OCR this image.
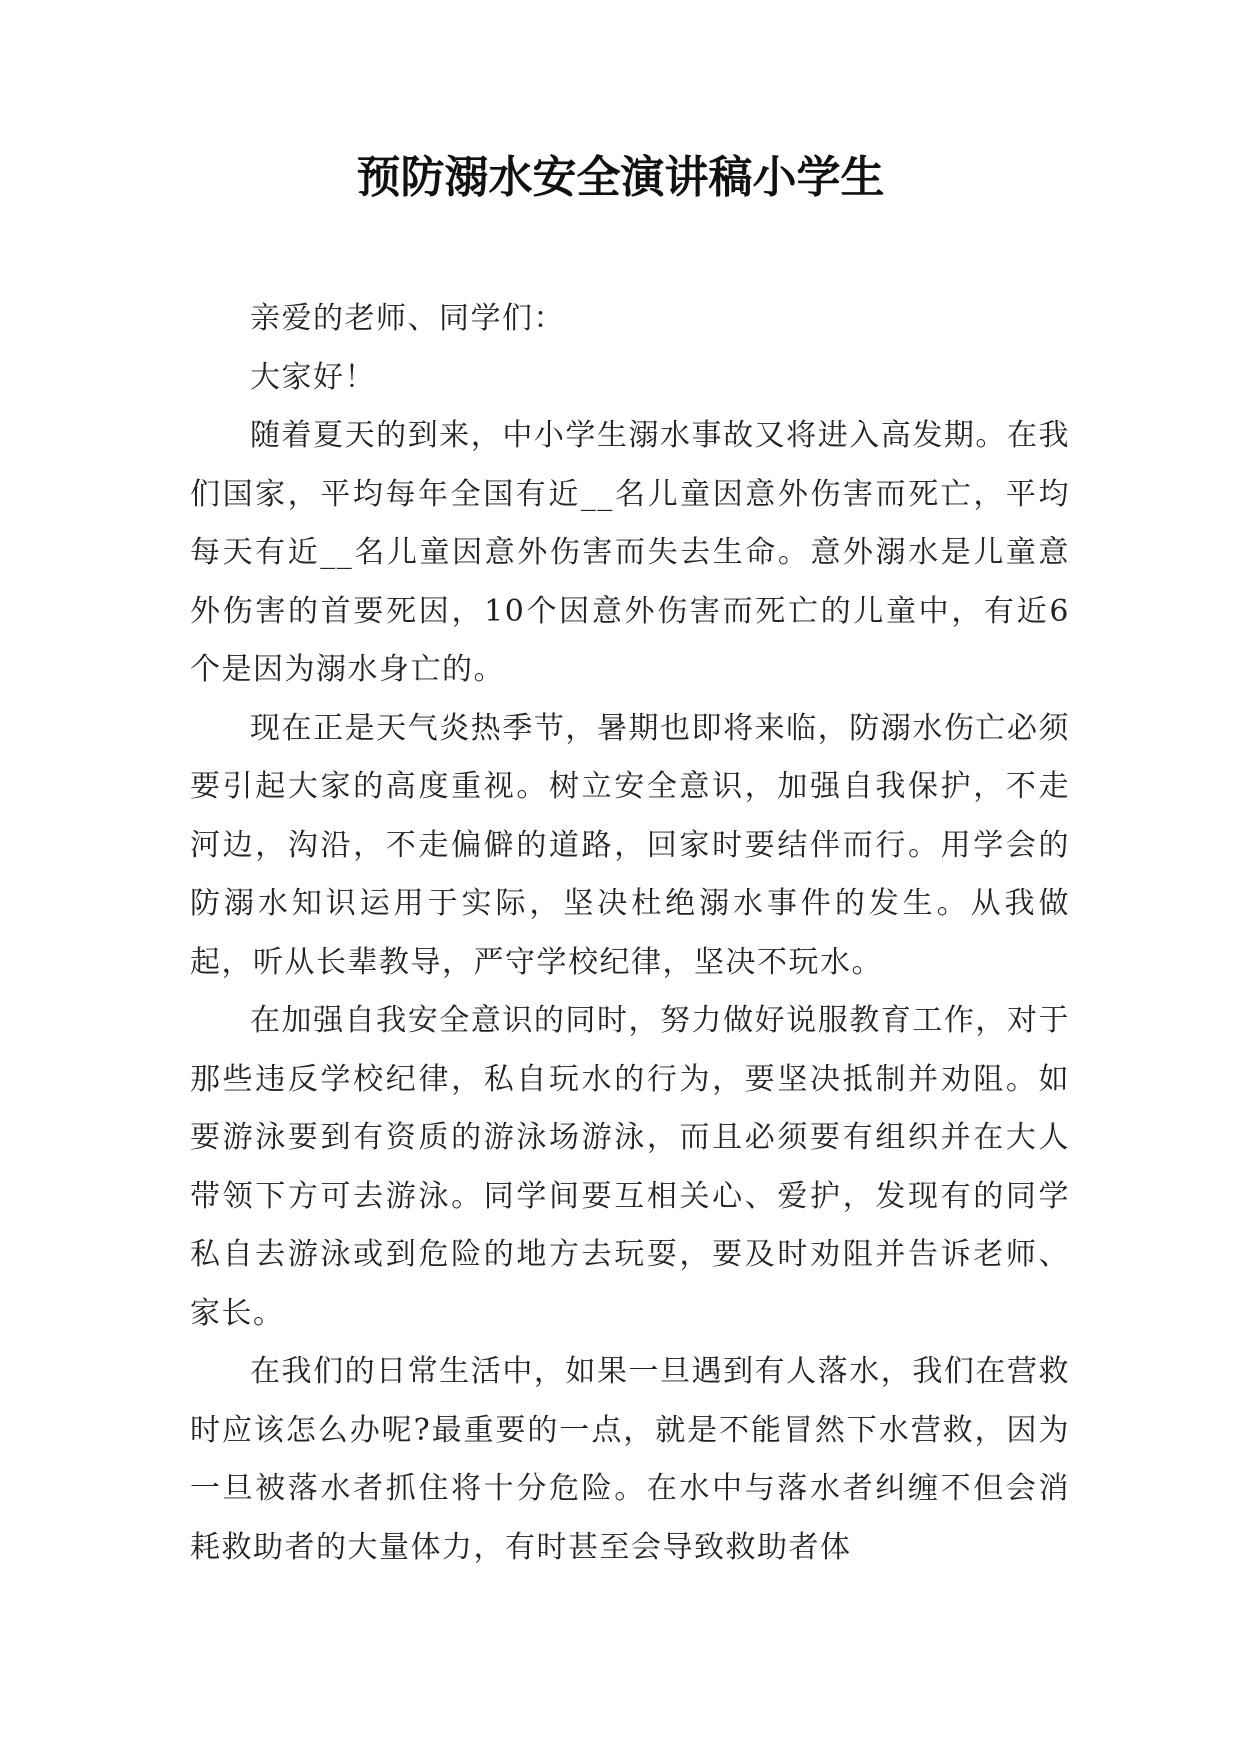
预防溺水安全演讲稿小学生

亲爱的老师、同学们：

大家好！

随着夏天的到来，中小学生溺水事故又将进入高发期。在我们国家，平均每年全国有近__名儿童因意外伤害而死亡，平均每天有近__名儿童因意外伤害而失去生命。意外溺水是儿童意外伤害的首要死因，10个因意外伤害而死亡的儿童中，有近6个是因为溺水身亡的。

现在正是天气炎热季节，暑期也即将来临，防溺水伤亡必须要引起大家的高度重视。树立安全意识，加强自我保护，不走河边，沟沿，不走偏僻的道路，回家时要结伴而行。用学会的防溺水知识运用于实际，坚决杜绝溺水事件的发生。从我做起，听从长辈教导，严守学校纪律，坚决不玩水。

在加强自我安全意识的同时，努力做好说服教育工作，对于那些违反学校纪律，私自玩水的行为，要坚决抵制并劝阻。如要游泳要到有资质的游泳场游泳，而且必须要有组织并在大人带领下方可去游泳。同学间要互相关心、爱护，发现有的同学私自去游泳或到危险的地方去玩耍，要及时劝阻并告诉老师、家长。

在我们的日常生活中，如果一旦遇到有人落水，我们在营救时应该怎么办呢?最重要的一点，就是不能冒然下水营救，因为一旦被落水者抓住将十分危险。在水中与落水者纠缠不但会消耗救助者的大量体力，有时甚至会导致救助者体
